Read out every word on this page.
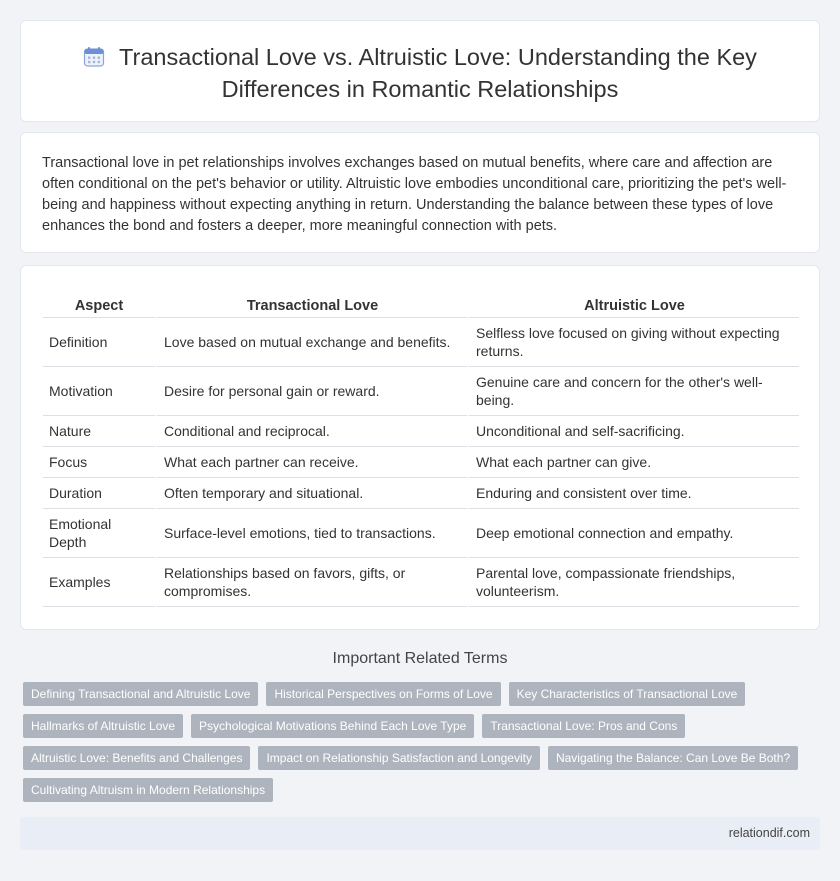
Transactional Love vs. Altruistic Love: Understanding the Key
Differences in Romantic Relationships

Transactional love in pet relationships involves exchanges based on mutual benefits, where care and affection are often conditional on the pet's behavior or utility. Altruistic love embodies unconditional care, prioritizing the pet's well-being and happiness without expecting anything in return. Understanding the balance between these types of love enhances the bond and fosters a deeper, more meaningful connection with pets.

Aspect	Transactional Love	Altruistic Love
Definition	Love based on mutual exchange and benefits.	Selfless love focused on giving without expecting returns.
Motivation	Desire for personal gain or reward.	Genuine care and concern for the other's well-being.
Nature	Conditional and reciprocal.	Unconditional and self-sacrificing.
Focus	What each partner can receive.	What each partner can give.
Duration	Often temporary and situational.	Enduring and consistent over time.
Emotional Depth	Surface-level emotions, tied to transactions.	Deep emotional connection and empathy.
Examples	Relationships based on favors, gifts, or compromises.	Parental love, compassionate friendships, volunteerism.
Important Related Terms
Defining Transactional and Altruistic Love	Historical Perspectives on Forms of Love	Key Characteristics of Transactional Love
Hallmarks of Altruistic Love	Psychological Motivations Behind Each Love Type	Transactional Love: Pros and Cons
Altruistic Love: Benefits and Challenges	Impact on Relationship Satisfaction and Longevity	Navigating the Balance: Can Love Be Both?
Cultivating Altruism in Modern Relationships
relationdif.com
